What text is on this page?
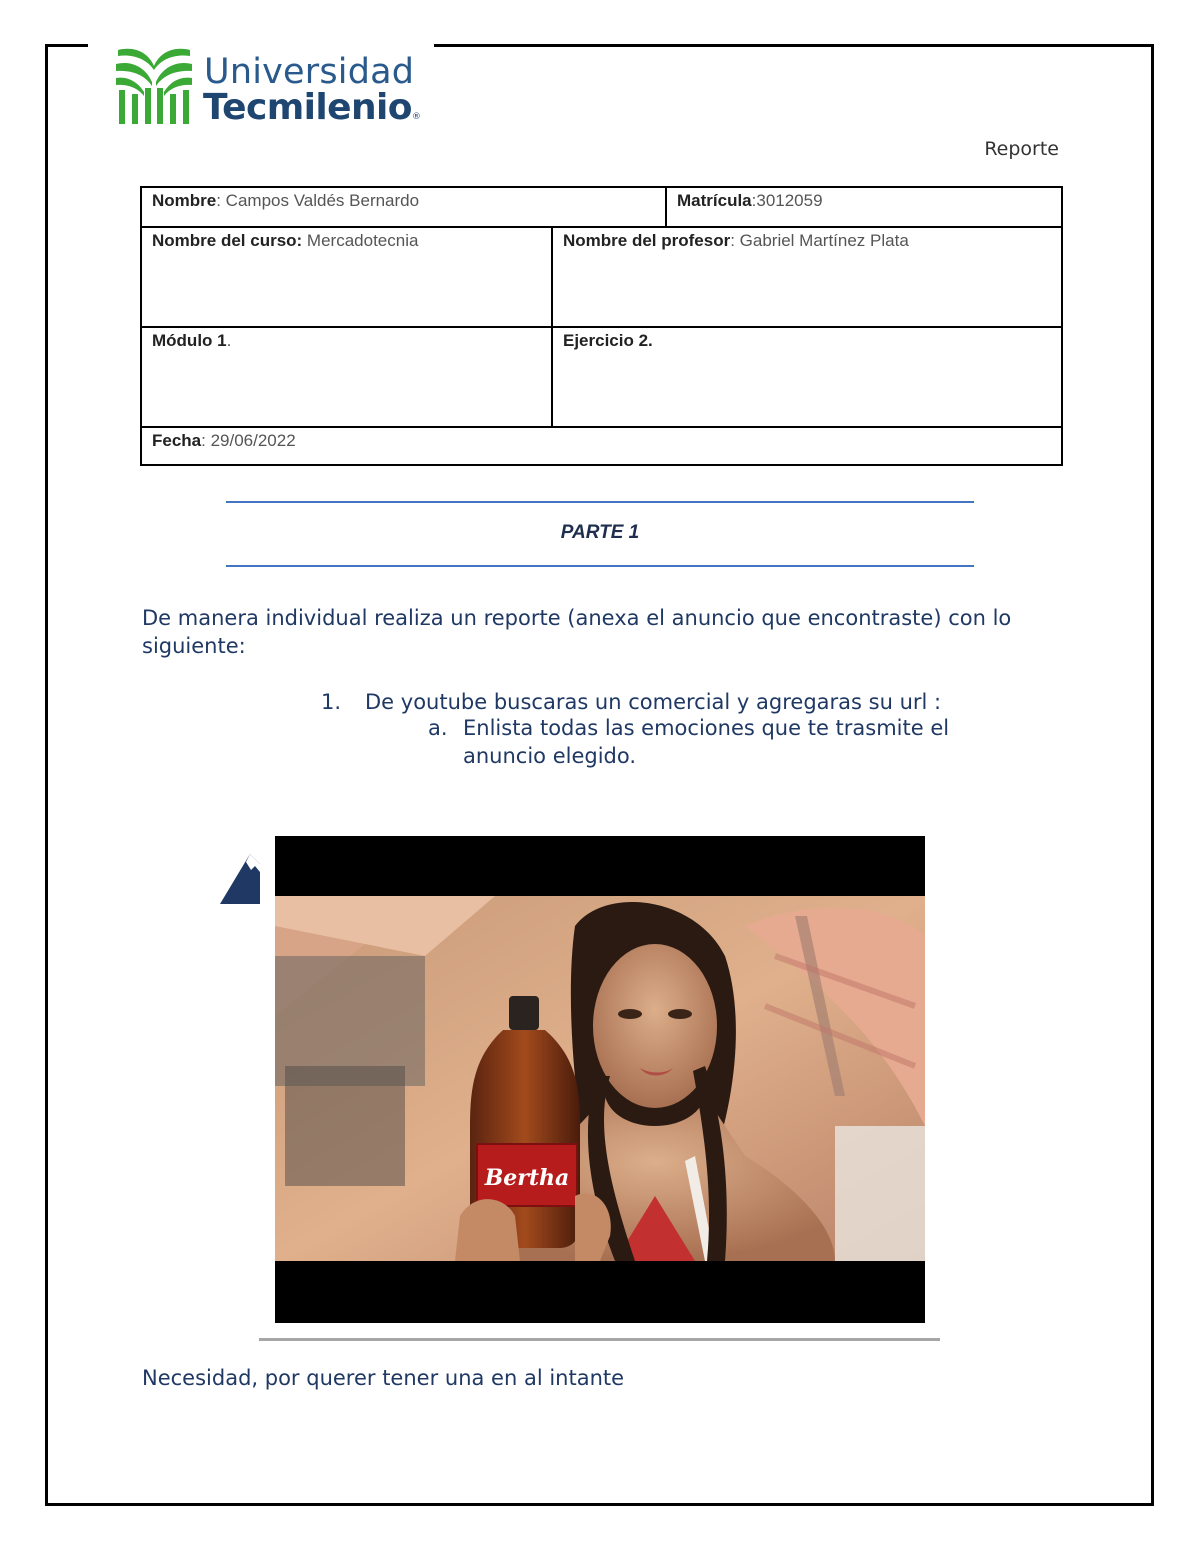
Universidad
Tecmilenio®
Reporte
Nombre: Campos Valdés Bernardo		Matrícula:3012059
Nombre del curso: Mercadotecnia	Nombre del profesor: Gabriel Martínez Plata	
Módulo 1.	Ejercicio 2.	
Fecha: 29/06/2022		
PARTE 1
De manera individual realiza un reporte (anexa el anuncio que encontraste) con lo siguiente:
1. De youtube buscaras un comercial y agregaras su url :
a. Enlista todas las emociones que te trasmite el anuncio elegido.
Bertha
Necesidad, por querer tener una en al intante
